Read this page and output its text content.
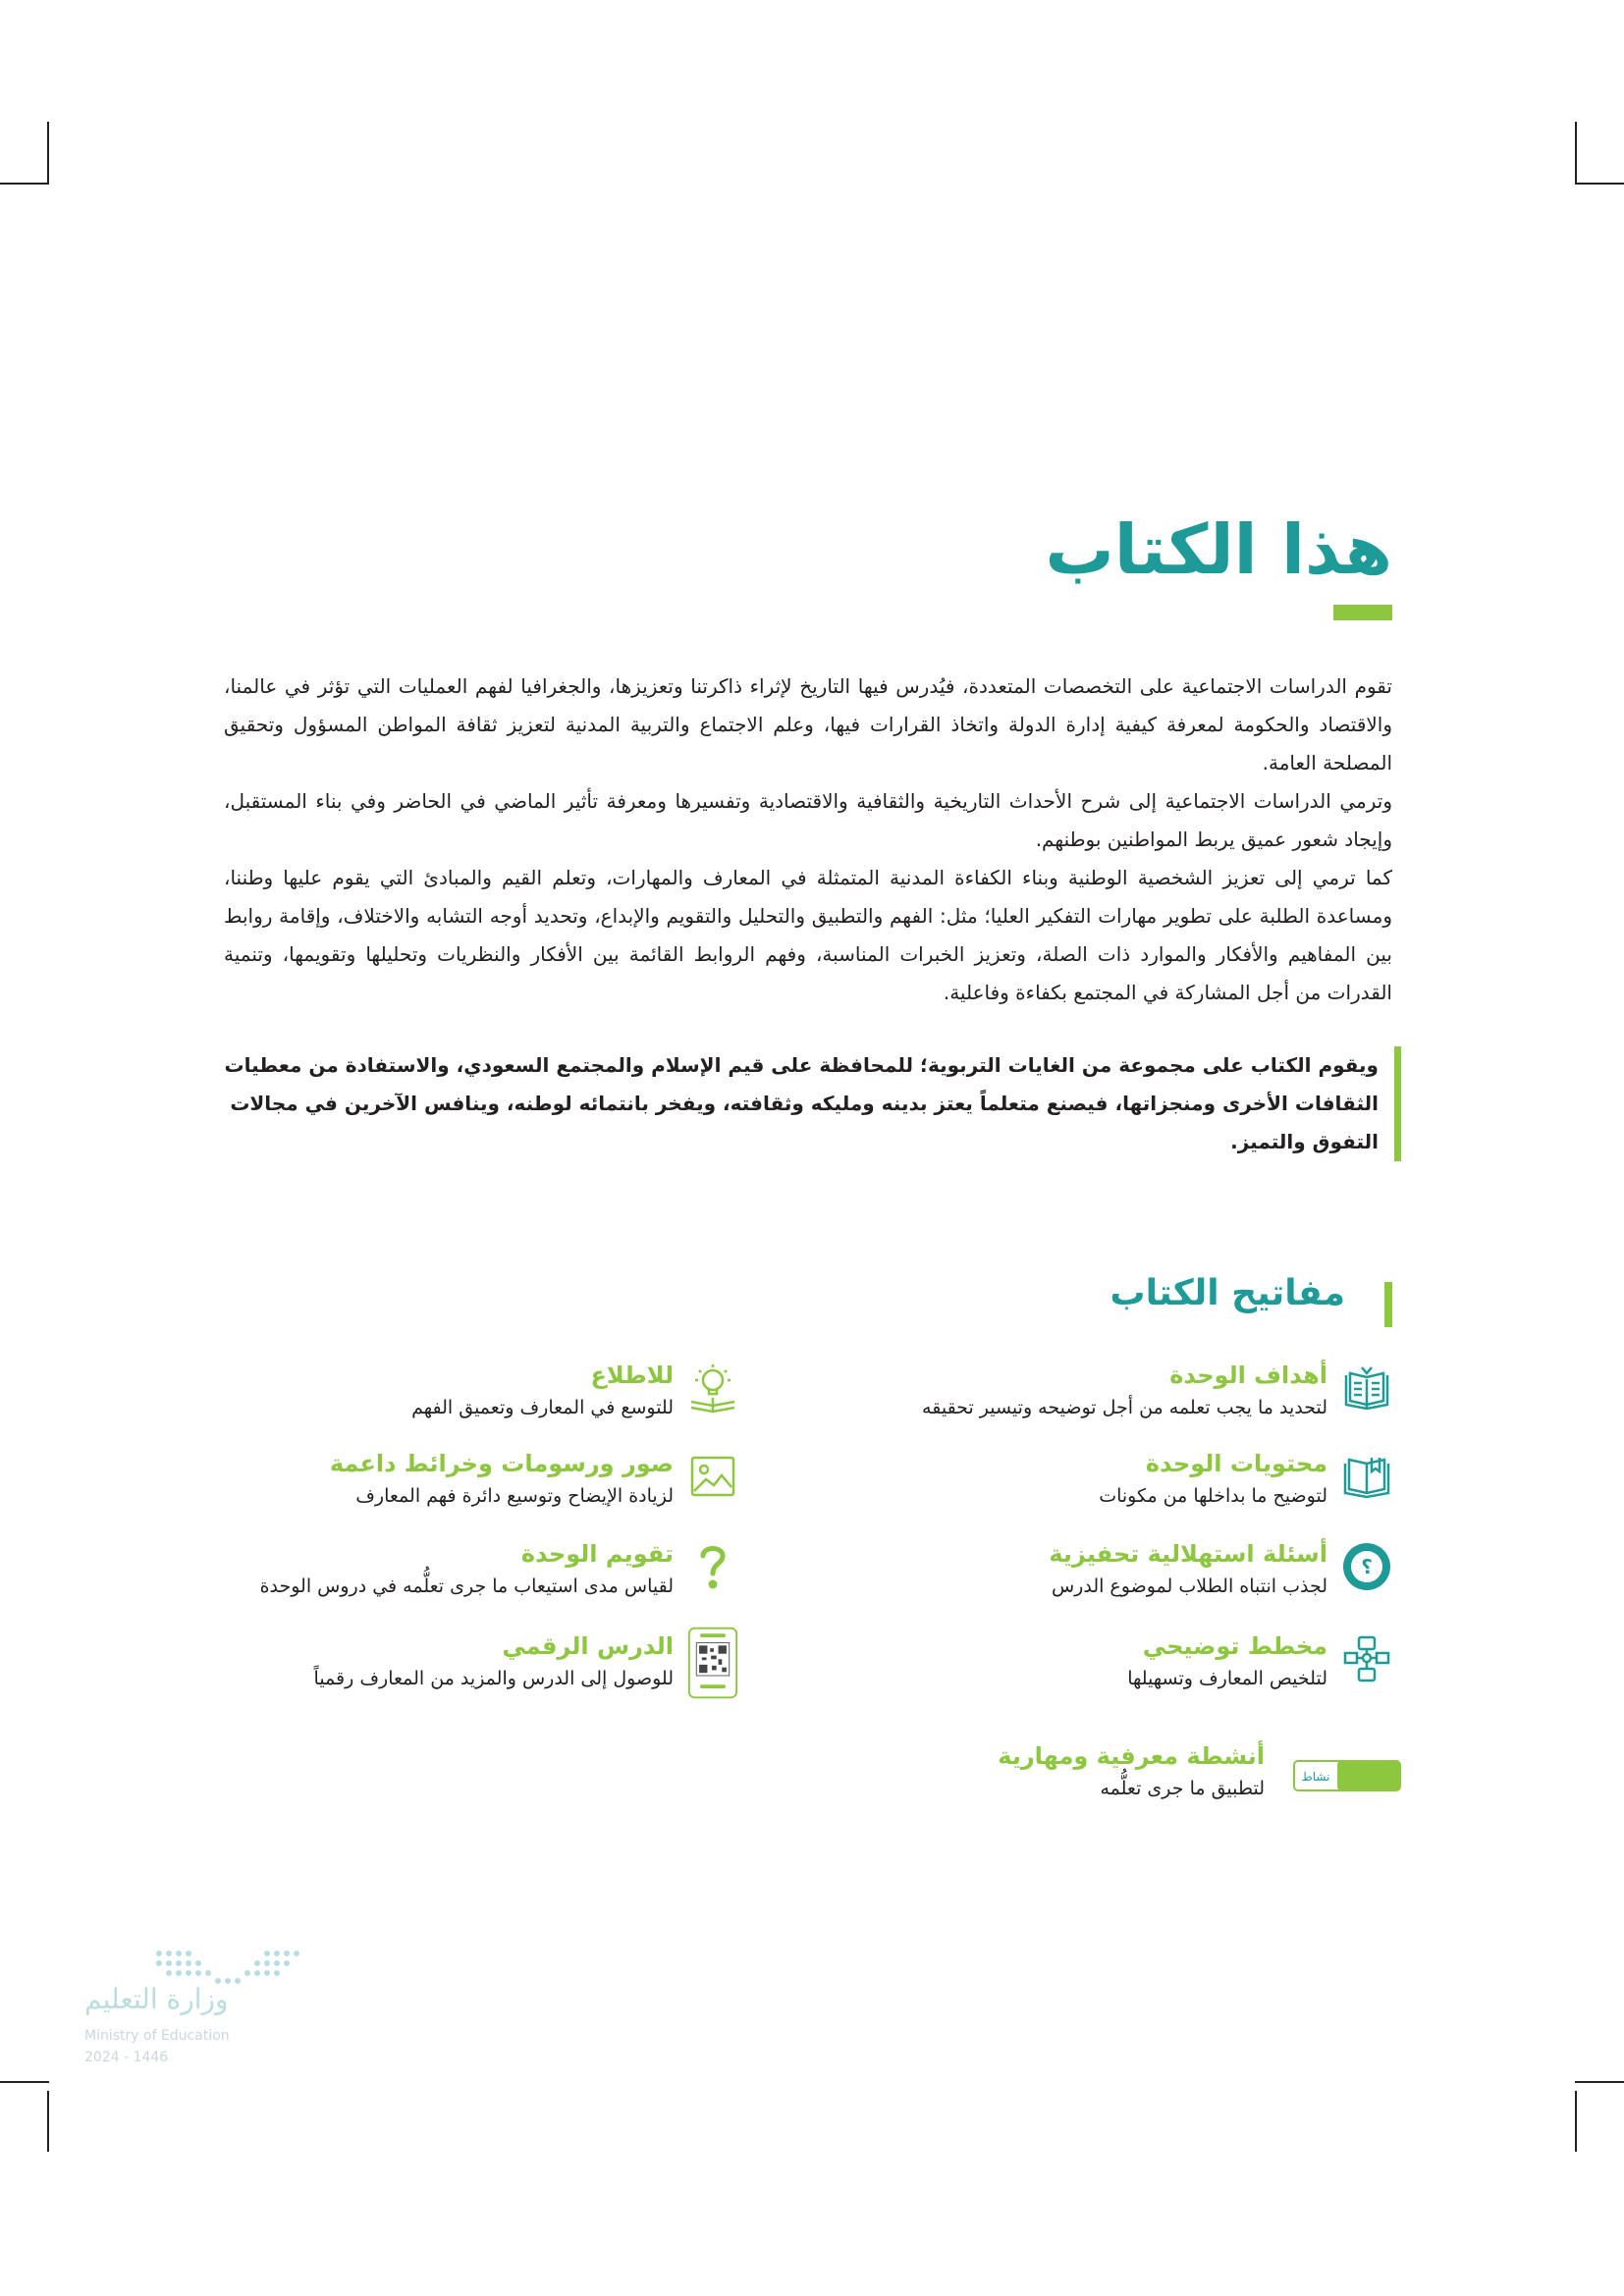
هذا الكتاب

تقوم الدراسات الاجتماعية على التخصصات المتعددة، فيُدرس فيها التاريخ لإثراء ذاكرتنا وتعزيزها، والجغرافيا لفهم العمليات التي تؤثر في عالمنا، والاقتصاد والحكومة لمعرفة كيفية إدارة الدولة واتخاذ القرارات فيها، وعلم الاجتماع والتربية المدنية لتعزيز ثقافة المواطن المسؤول وتحقيق المصلحة العامة.

وترمي الدراسات الاجتماعية إلى شرح الأحداث التاريخية والثقافية والاقتصادية وتفسيرها ومعرفة تأثير الماضي في الحاضر وفي بناء المستقبل، وإيجاد شعور عميق يربط المواطنين بوطنهم.

كما ترمي إلى تعزيز الشخصية الوطنية وبناء الكفاءة المدنية المتمثلة في المعارف والمهارات، وتعلم القيم والمبادئ التي يقوم عليها وطننا، ومساعدة الطلبة على تطوير مهارات التفكير العليا؛ مثل: الفهم والتطبيق والتحليل والتقويم والإبداع، وتحديد أوجه التشابه والاختلاف، وإقامة روابط بين المفاهيم والأفكار والموارد ذات الصلة، وتعزيز الخبرات المناسبة، وفهم الروابط القائمة بين الأفكار والنظريات وتحليلها وتقويمها، وتنمية القدرات من أجل المشاركة في المجتمع بكفاءة وفاعلية.

ويقوم الكتاب على مجموعة من الغايات التربوية؛ للمحافظة على قيم الإسلام والمجتمع السعودي، والاستفادة من معطيات الثقافات الأخرى ومنجزاتها، فيصنع متعلماً يعتز بدينه ومليكه وثقافته، ويفخر بانتمائه لوطنه، وينافس الآخرين في مجالات التفوق والتميز.

مفاتيح الكتاب
أهداف الوحدة
لتحديد ما يجب تعلمه من أجل توضيحه وتيسير تحقيقه
محتويات الوحدة
لتوضيح ما بداخلها من مكونات
؟
أسئلة استهلالية تحفيزية
لجذب انتباه الطلاب لموضوع الدرس
مخطط توضيحي
لتلخيص المعارف وتسهيلها
نشاط
أنشطة معرفية ومهارية
لتطبيق ما جرى تعلُّمه
للاطلاع
للتوسع في المعارف وتعميق الفهم
صور ورسومات وخرائط داعمة
لزيادة الإيضاح وتوسيع دائرة فهم المعارف
تقويم الوحدة
لقياس مدى استيعاب ما جرى تعلُّمه في دروس الوحدة
الدرس الرقمي
للوصول إلى الدرس والمزيد من المعارف رقمياً
وزارة التعليم
Ministry of Education
2024 - 1446
